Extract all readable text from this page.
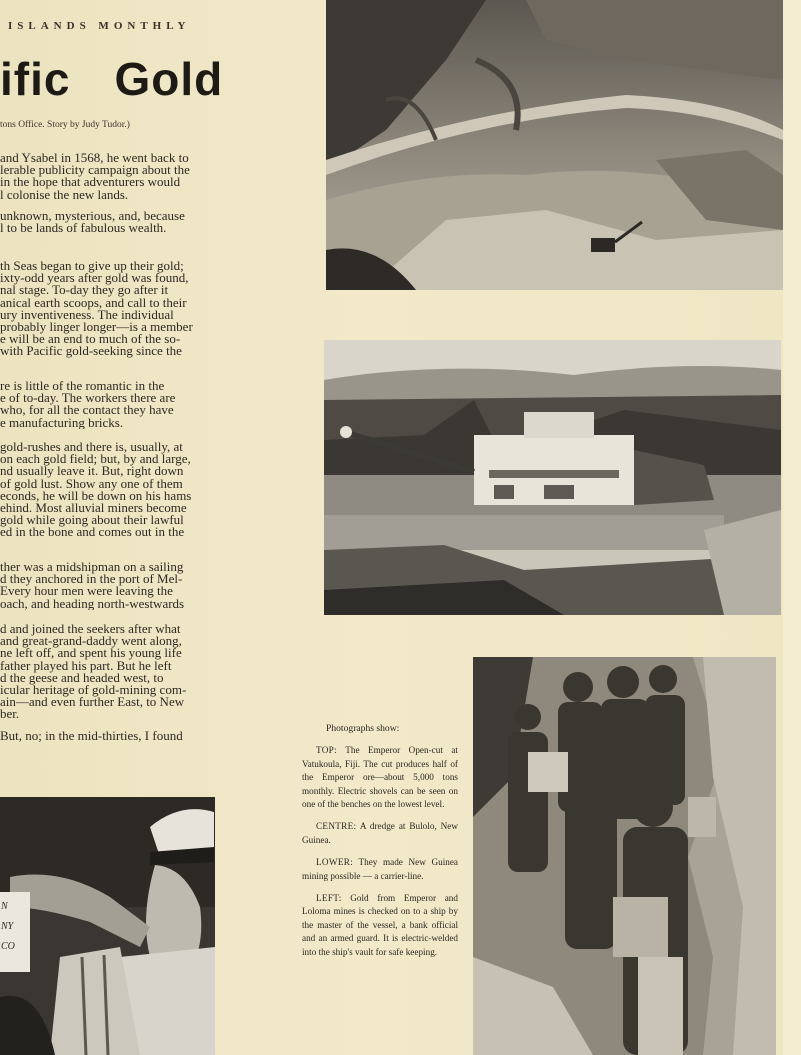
ISLANDS MONTHLY
ific Gold
tons Office. Story by Judy Tudor.)

and Ysabel in 1568, he went back to
lerable publicity campaign about the
in the hope that adventurers would
l colonise the new lands.

unknown, mysterious, and, because
l to be lands of fabulous wealth.

th Seas began to give up their gold;
ixty-odd years after gold was found,
nal stage. To-day they go after it
anical earth scoops, and call to their
ury inventiveness. The individual
probably linger longer—is a member
e will be an end to much of the so-
with Pacific gold-seeking since the

re is little of the romantic in the
e of to-day. The workers there are
who, for all the contact they have
e manufacturing bricks.

gold-rushes and there is, usually, at
on each gold field; but, by and large,
nd usually leave it. But, right down
of gold lust. Show any one of them
econds, he will be down on his hams
ehind. Most alluvial miners become
gold while going about their lawful
ed in the bone and comes out in the

ther was a midshipman on a sailing
d they anchored in the port of Mel-
Every hour men were leaving the
oach, and heading north-westwards

d and joined the seekers after what
and great-grand-daddy went along,
ne left off, and spent his young life
father played his part. But he left
d the geese and headed west, to
icular heritage of gold-mining com-
ain—and even further East, to New
ber.

But, no; in the mid-thirties, I found

N
NY
CO

Photographs show:

TOP: The Emperor Open-cut at Vatukoula, Fiji. The cut produces half of the Emperor ore—about 5,000 tons monthly. Electric shovels can be seen on one of the benches on the lowest level.

CENTRE: A dredge at Bulolo, New Guinea.

LOWER: They made New Guinea mining possible — a carrier-line.

LEFT: Gold from Emperor and Loloma mines is checked on to a ship by the master of the vessel, a bank official and an armed guard. It is electric-welded into the ship's vault for safe keeping.
